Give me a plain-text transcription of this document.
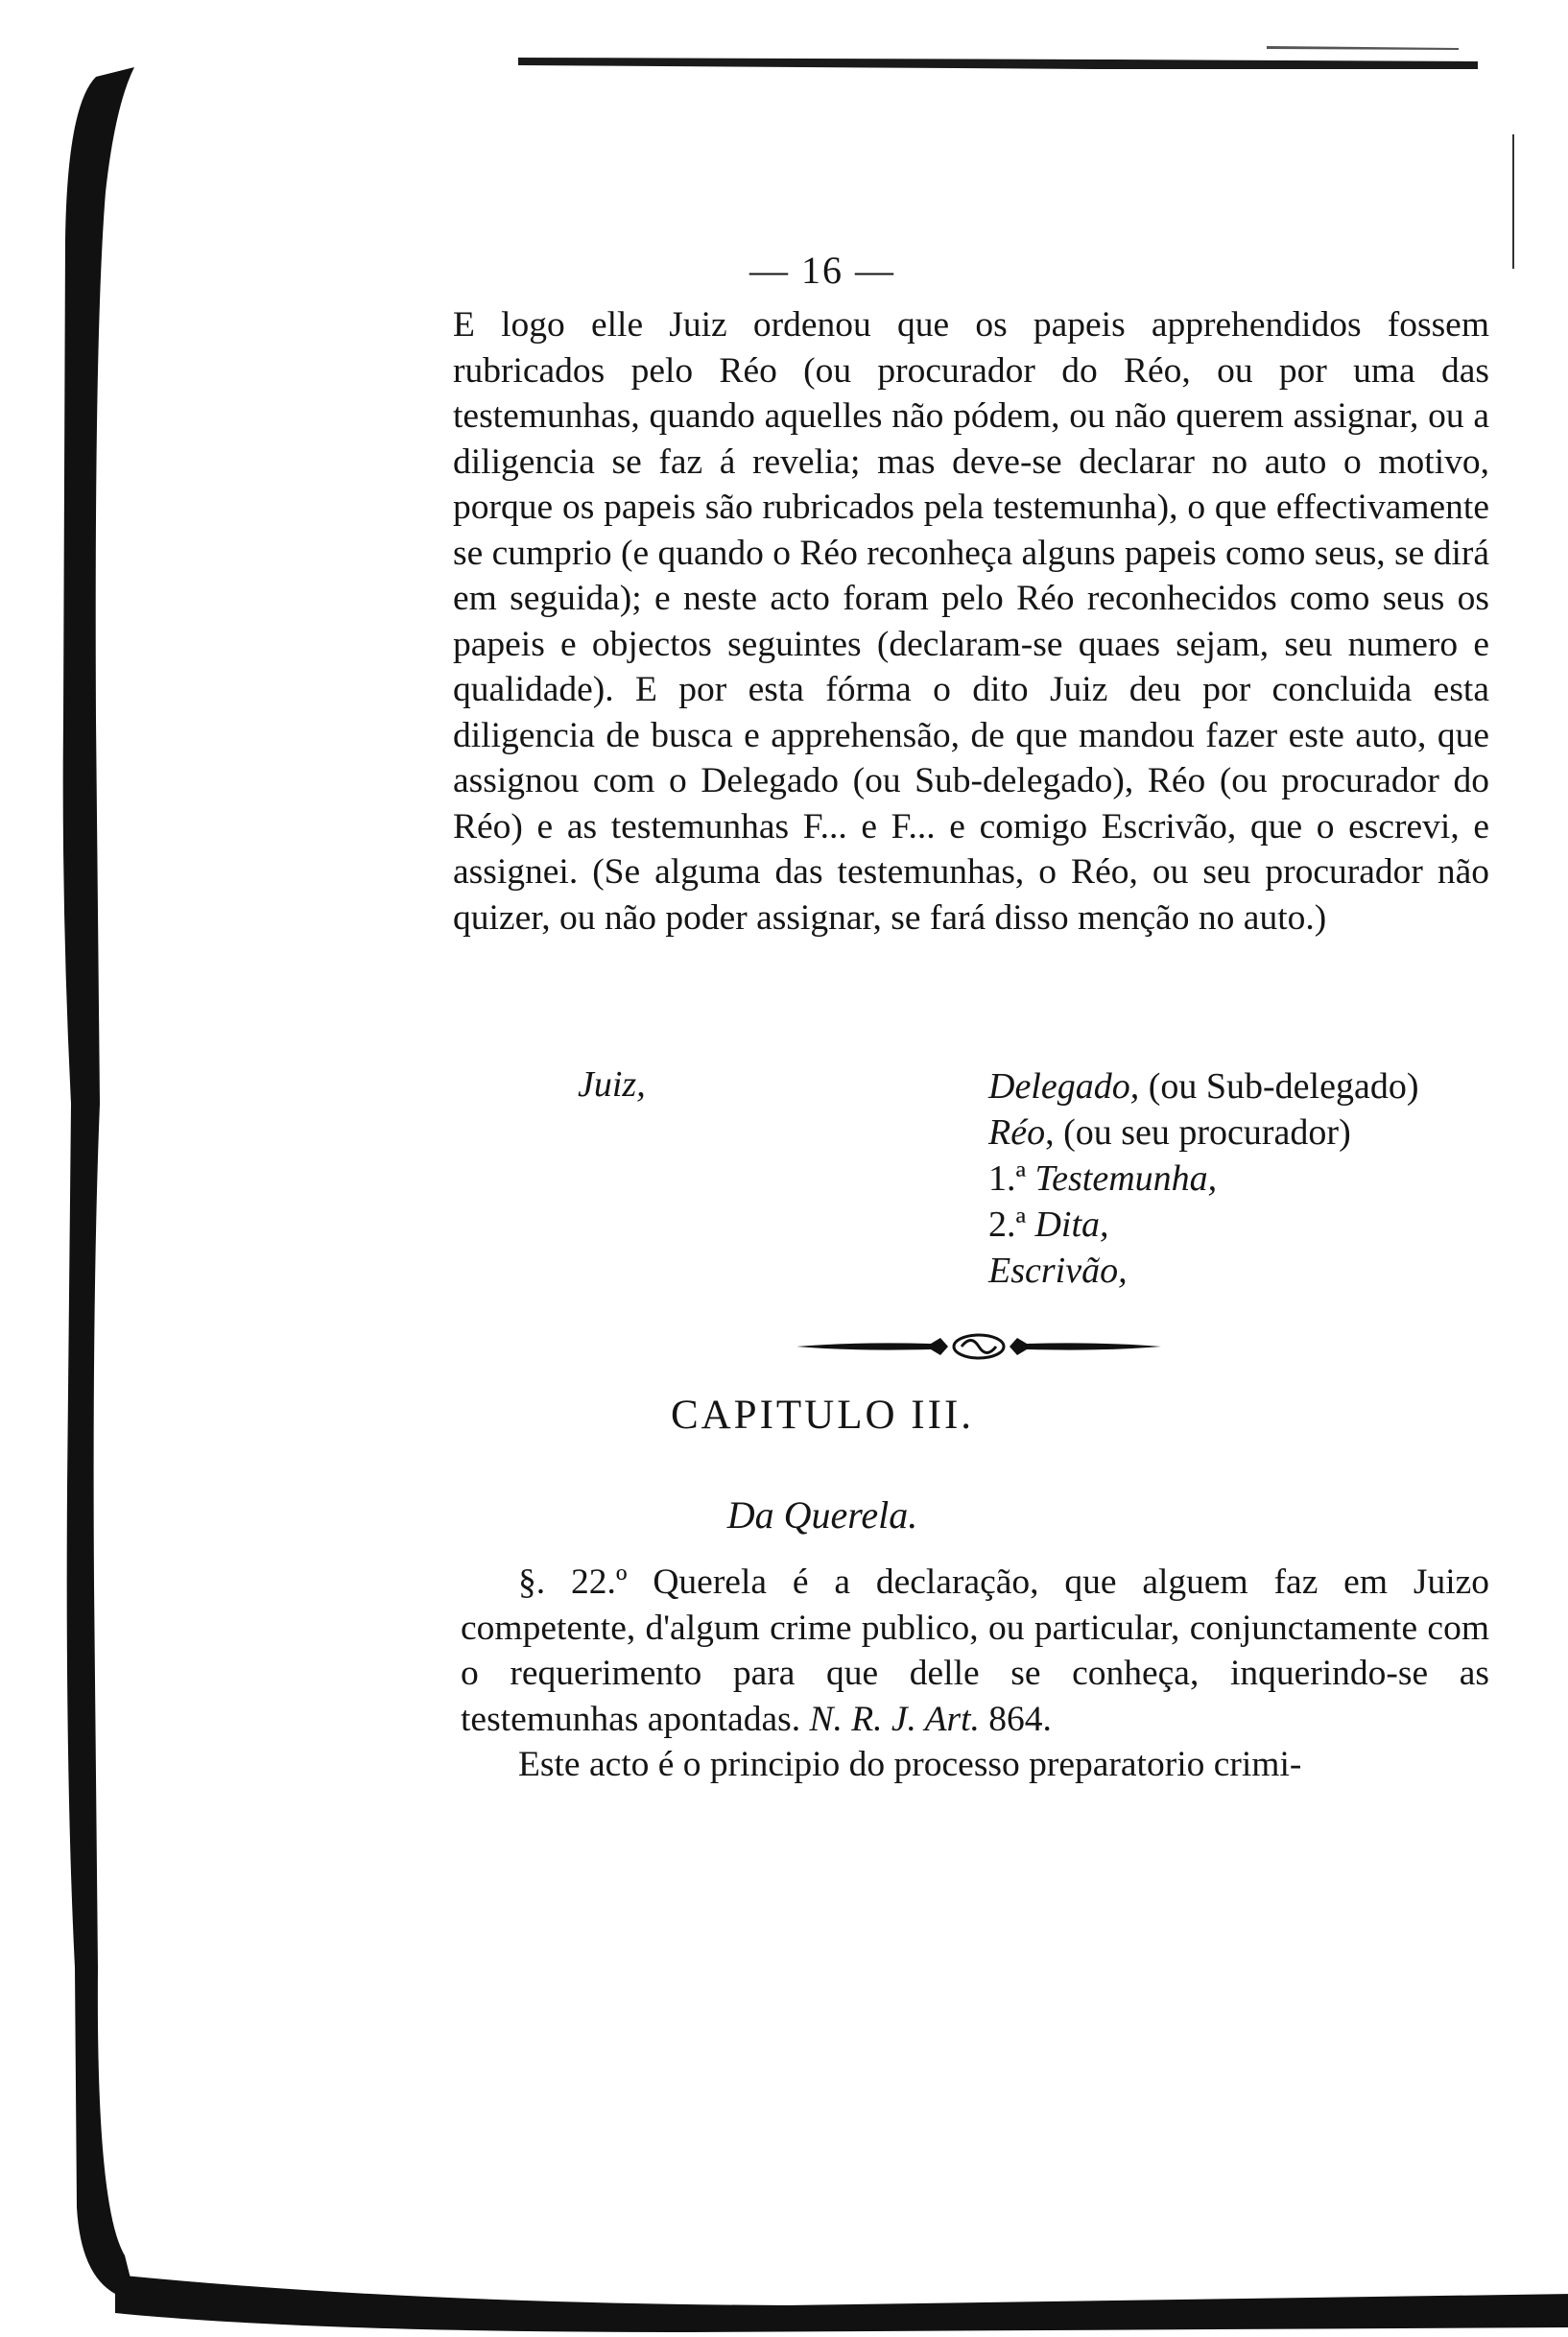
— 16 —

E logo elle Juiz ordenou que os papeis apprehendidos fossem rubricados pelo Réo (ou procurador do Réo, ou por uma das testemunhas, quando aquelles não pódem, ou não querem assignar, ou a diligencia se faz á revelia; mas deve-se declarar no auto o motivo, porque os papeis são rubricados pela testemunha), o que effectivamente se cumprio (e quando o Réo reconheça alguns papeis como seus, se dirá em seguida); e neste acto foram pelo Réo reconhecidos como seus os papeis e objectos seguintes (declaram-se quaes sejam, seu numero e qualidade). E por esta fórma o dito Juiz deu por concluida esta diligencia de busca e apprehensão, de que mandou fazer este auto, que assignou com o Delegado (ou Sub-delegado), Réo (ou procurador do Réo) e as testemunhas F... e F... e comigo Escrivão, que o escrevi, e assignei. (Se alguma das testemunhas, o Réo, ou seu procurador não quizer, ou não poder assignar, se fará disso menção no auto.)

Juiz,	Delegado, (ou Sub-delegado)
Réo, (ou seu procurador)
1.ª Testemunha,
2.ª Dita,
Escrivão,
CAPITULO III.
Da Querela.
§. 22.º Querela é a declaração, que alguem faz em Juizo competente, d'algum crime publico, ou particular, conjunctamente com o requerimento para que delle se conheça, inquerindo-se as testemunhas apontadas. N. R. J. Art. 864.
Este acto é o principio do processo preparatorio crimi-
